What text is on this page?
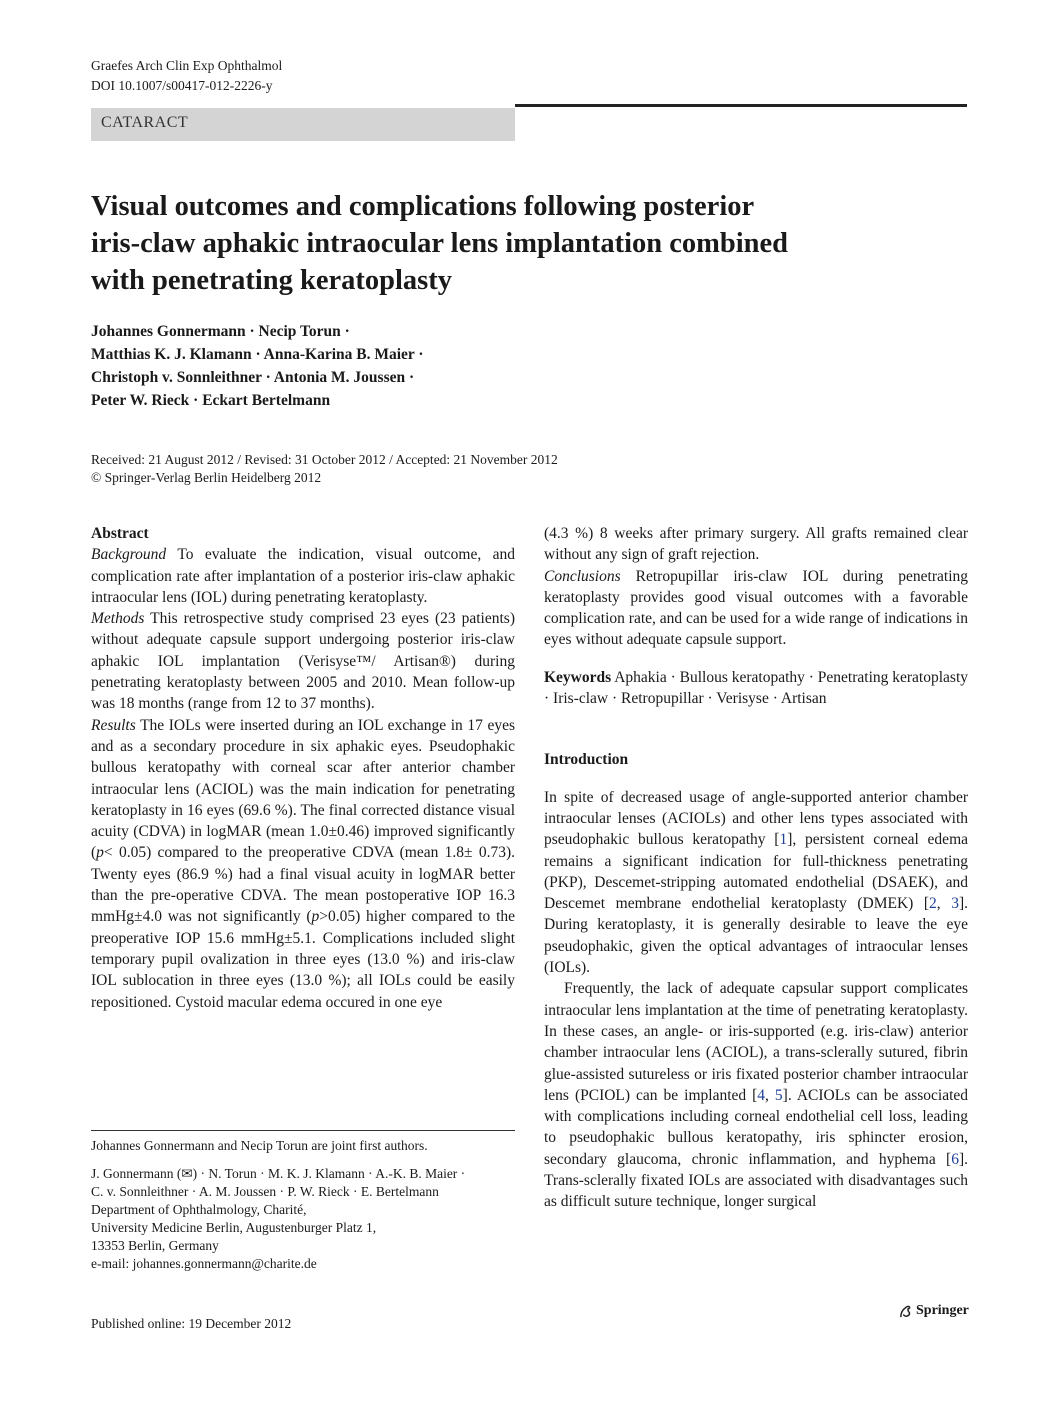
Graefes Arch Clin Exp Ophthalmol
DOI 10.1007/s00417-012-2226-y
CATARACT
Visual outcomes and complications following posterior
iris-claw aphakic intraocular lens implantation combined
with penetrating keratoplasty
Johannes Gonnermann · Necip Torun ·
Matthias K. J. Klamann · Anna-Karina B. Maier ·
Christoph v. Sonnleithner · Antonia M. Joussen ·
Peter W. Rieck · Eckart Bertelmann
Received: 21 August 2012 / Revised: 31 October 2012 / Accepted: 21 November 2012
© Springer-Verlag Berlin Heidelberg 2012

Abstract

Background To evaluate the indication, visual outcome, and complication rate after implantation of a posterior iris-claw aphakic intraocular lens (IOL) during penetrating keratoplasty.

Methods This retrospective study comprised 23 eyes (23 patients) without adequate capsule support undergoing posterior iris-claw aphakic IOL implantation (Verisyse™/ Artisan®) during penetrating keratoplasty between 2005 and 2010. Mean follow-up was 18 months (range from 12 to 37 months).

Results The IOLs were inserted during an IOL exchange in 17 eyes and as a secondary procedure in six aphakic eyes. Pseudophakic bullous keratopathy with corneal scar after anterior chamber intraocular lens (ACIOL) was the main indication for penetrating keratoplasty in 16 eyes (69.6 %). The final corrected distance visual acuity (CDVA) in logMAR (mean 1.0±0.46) improved significantly (p< 0.05) compared to the preoperative CDVA (mean 1.8± 0.73). Twenty eyes (86.9 %) had a final visual acuity in logMAR better than the pre-operative CDVA. The mean postoperative IOP 16.3 mmHg±4.0 was not significantly (p>0.05) higher compared to the preoperative IOP 15.6 mmHg±5.1. Complications included slight temporary pupil ovalization in three eyes (13.0 %) and iris-claw IOL sublocation in three eyes (13.0 %); all IOLs could be easily repositioned. Cystoid macular edema occured in one eye

(4.3 %) 8 weeks after primary surgery. All grafts remained clear without any sign of graft rejection.

Conclusions Retropupillar iris-claw IOL during penetrating keratoplasty provides good visual outcomes with a favorable complication rate, and can be used for a wide range of indications in eyes without adequate capsule support.

Keywords Aphakia · Bullous keratopathy · Penetrating keratoplasty · Iris-claw · Retropupillar · Verisyse · Artisan

Introduction

In spite of decreased usage of angle-supported anterior chamber intraocular lenses (ACIOLs) and other lens types associated with pseudophakic bullous keratopathy [1], persistent corneal edema remains a significant indication for full-thickness penetrating (PKP), Descemet-stripping automated endothelial (DSAEK), and Descemet membrane endothelial keratoplasty (DMEK) [2, 3]. During keratoplasty, it is generally desirable to leave the eye pseudophakic, given the optical advantages of intraocular lenses (IOLs).

Frequently, the lack of adequate capsular support complicates intraocular lens implantation at the time of penetrating keratoplasty. In these cases, an angle- or iris-supported (e.g. iris-claw) anterior chamber intraocular lens (ACIOL), a trans-sclerally sutured, fibrin glue-assisted sutureless or iris fixated posterior chamber intraocular lens (PCIOL) can be implanted [4, 5]. ACIOLs can be associated with complications including corneal endothelial cell loss, leading to pseudophakic bullous keratopathy, iris sphincter erosion, secondary glaucoma, chronic inflammation, and hyphema [6]. Trans-sclerally fixated IOLs are associated with disadvantages such as difficult suture technique, longer surgical

Johannes Gonnermann and Necip Torun are joint first authors.

J. Gonnermann (✉) · N. Torun · M. K. J. Klamann · A.-K. B. Maier ·

C. v. Sonnleithner · A. M. Joussen · P. W. Rieck · E. Bertelmann

Department of Ophthalmology, Charité,

University Medicine Berlin, Augustenburger Platz 1,

13353 Berlin, Germany

e-mail: johannes.gonnermann@charite.de

Published online: 19 December 2012
Springer
